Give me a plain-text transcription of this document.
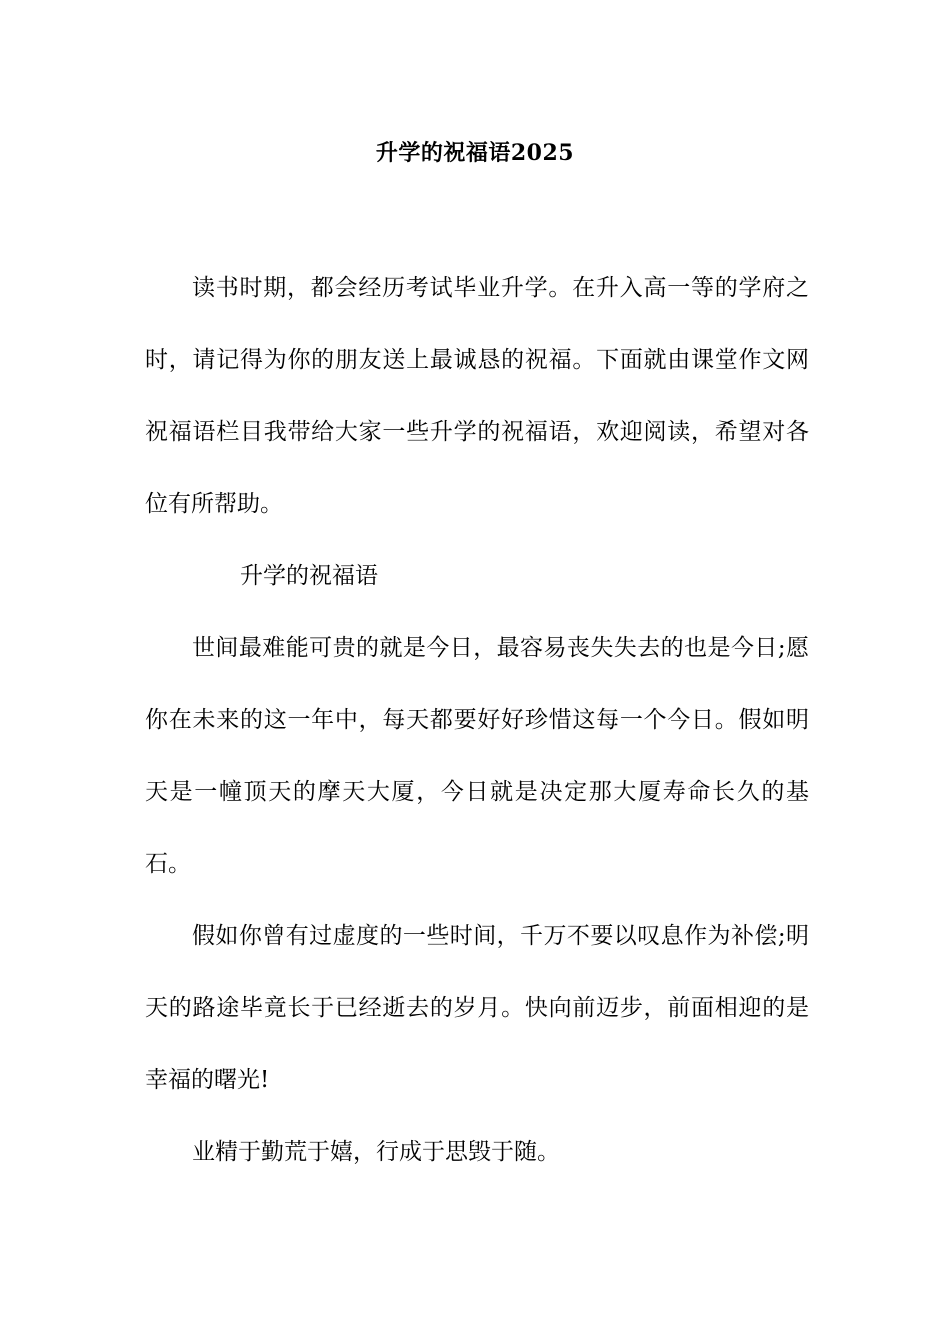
升学的祝福语2025

读书时期，都会经历考试毕业升学。在升入高一等的学府之时，请记得为你的朋友送上最诚恳的祝福。下面就由课堂作文网祝福语栏目我带给大家一些升学的祝福语，欢迎阅读，希望对各位有所帮助。

升学的祝福语

世间最难能可贵的就是今日，最容易丧失失去的也是今日;愿你在未来的这一年中，每天都要好好珍惜这每一个今日。假如明天是一幢顶天的摩天大厦，今日就是决定那大厦寿命长久的基石。

假如你曾有过虚度的一些时间，千万不要以叹息作为补偿;明天的路途毕竟长于已经逝去的岁月。快向前迈步，前面相迎的是幸福的曙光!

业精于勤荒于嬉，行成于思毁于随。
